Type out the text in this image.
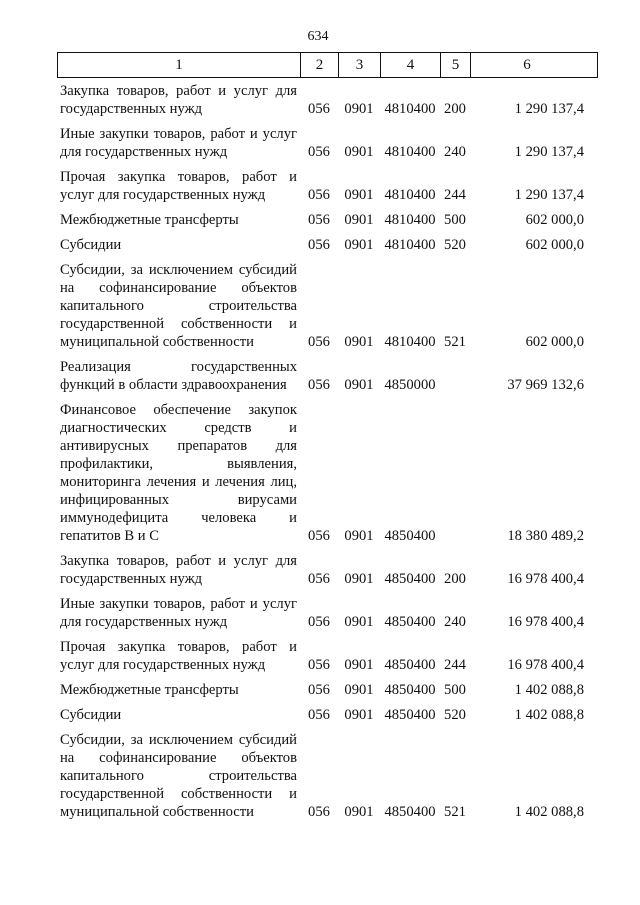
634
1	2	3	4	5	6
Закупка товаров, работ и услуг для
государственных нужд	056 0901 4810400 200	1 290 137,4
Иные закупки товаров, работ и услуг
для государственных нужд	056 0901 4810400 240	1 290 137,4
Прочая закупка товаров, работ и
услуг для государственных нужд	056 0901 4810400 244	1 290 137,4
Межбюджетные трансферты	056 0901 4810400 500	602 000,0
Субсидии	056 0901 4810400 520	602 000,0
Субсидии, за исключением субсидий
на софинансирование объектов
капитального строительства
государственной собственности и
муниципальной собственности	056 0901 4810400 521	602 000,0
Реализация государственных
функций в области здравоохранения	056 0901 4850000	37 969 132,6
Финансовое обеспечение закупок
диагностических средств и
антивирусных препаратов для
профилактики, выявления,
мониторинга лечения и лечения лиц,
инфицированных вирусами
иммунодефицита человека и
гепатитов В и С	056 0901 4850400	18 380 489,2
Закупка товаров, работ и услуг для
государственных нужд	056 0901 4850400 200	16 978 400,4
Иные закупки товаров, работ и услуг
для государственных нужд	056 0901 4850400 240	16 978 400,4
Прочая закупка товаров, работ и
услуг для государственных нужд	056 0901 4850400 244	16 978 400,4
Межбюджетные трансферты	056 0901 4850400 500	1 402 088,8
Субсидии	056 0901 4850400 520	1 402 088,8
Субсидии, за исключением субсидий
на софинансирование объектов
капитального строительства
государственной собственности и
муниципальной собственности	056 0901 4850400 521	1 402 088,8
